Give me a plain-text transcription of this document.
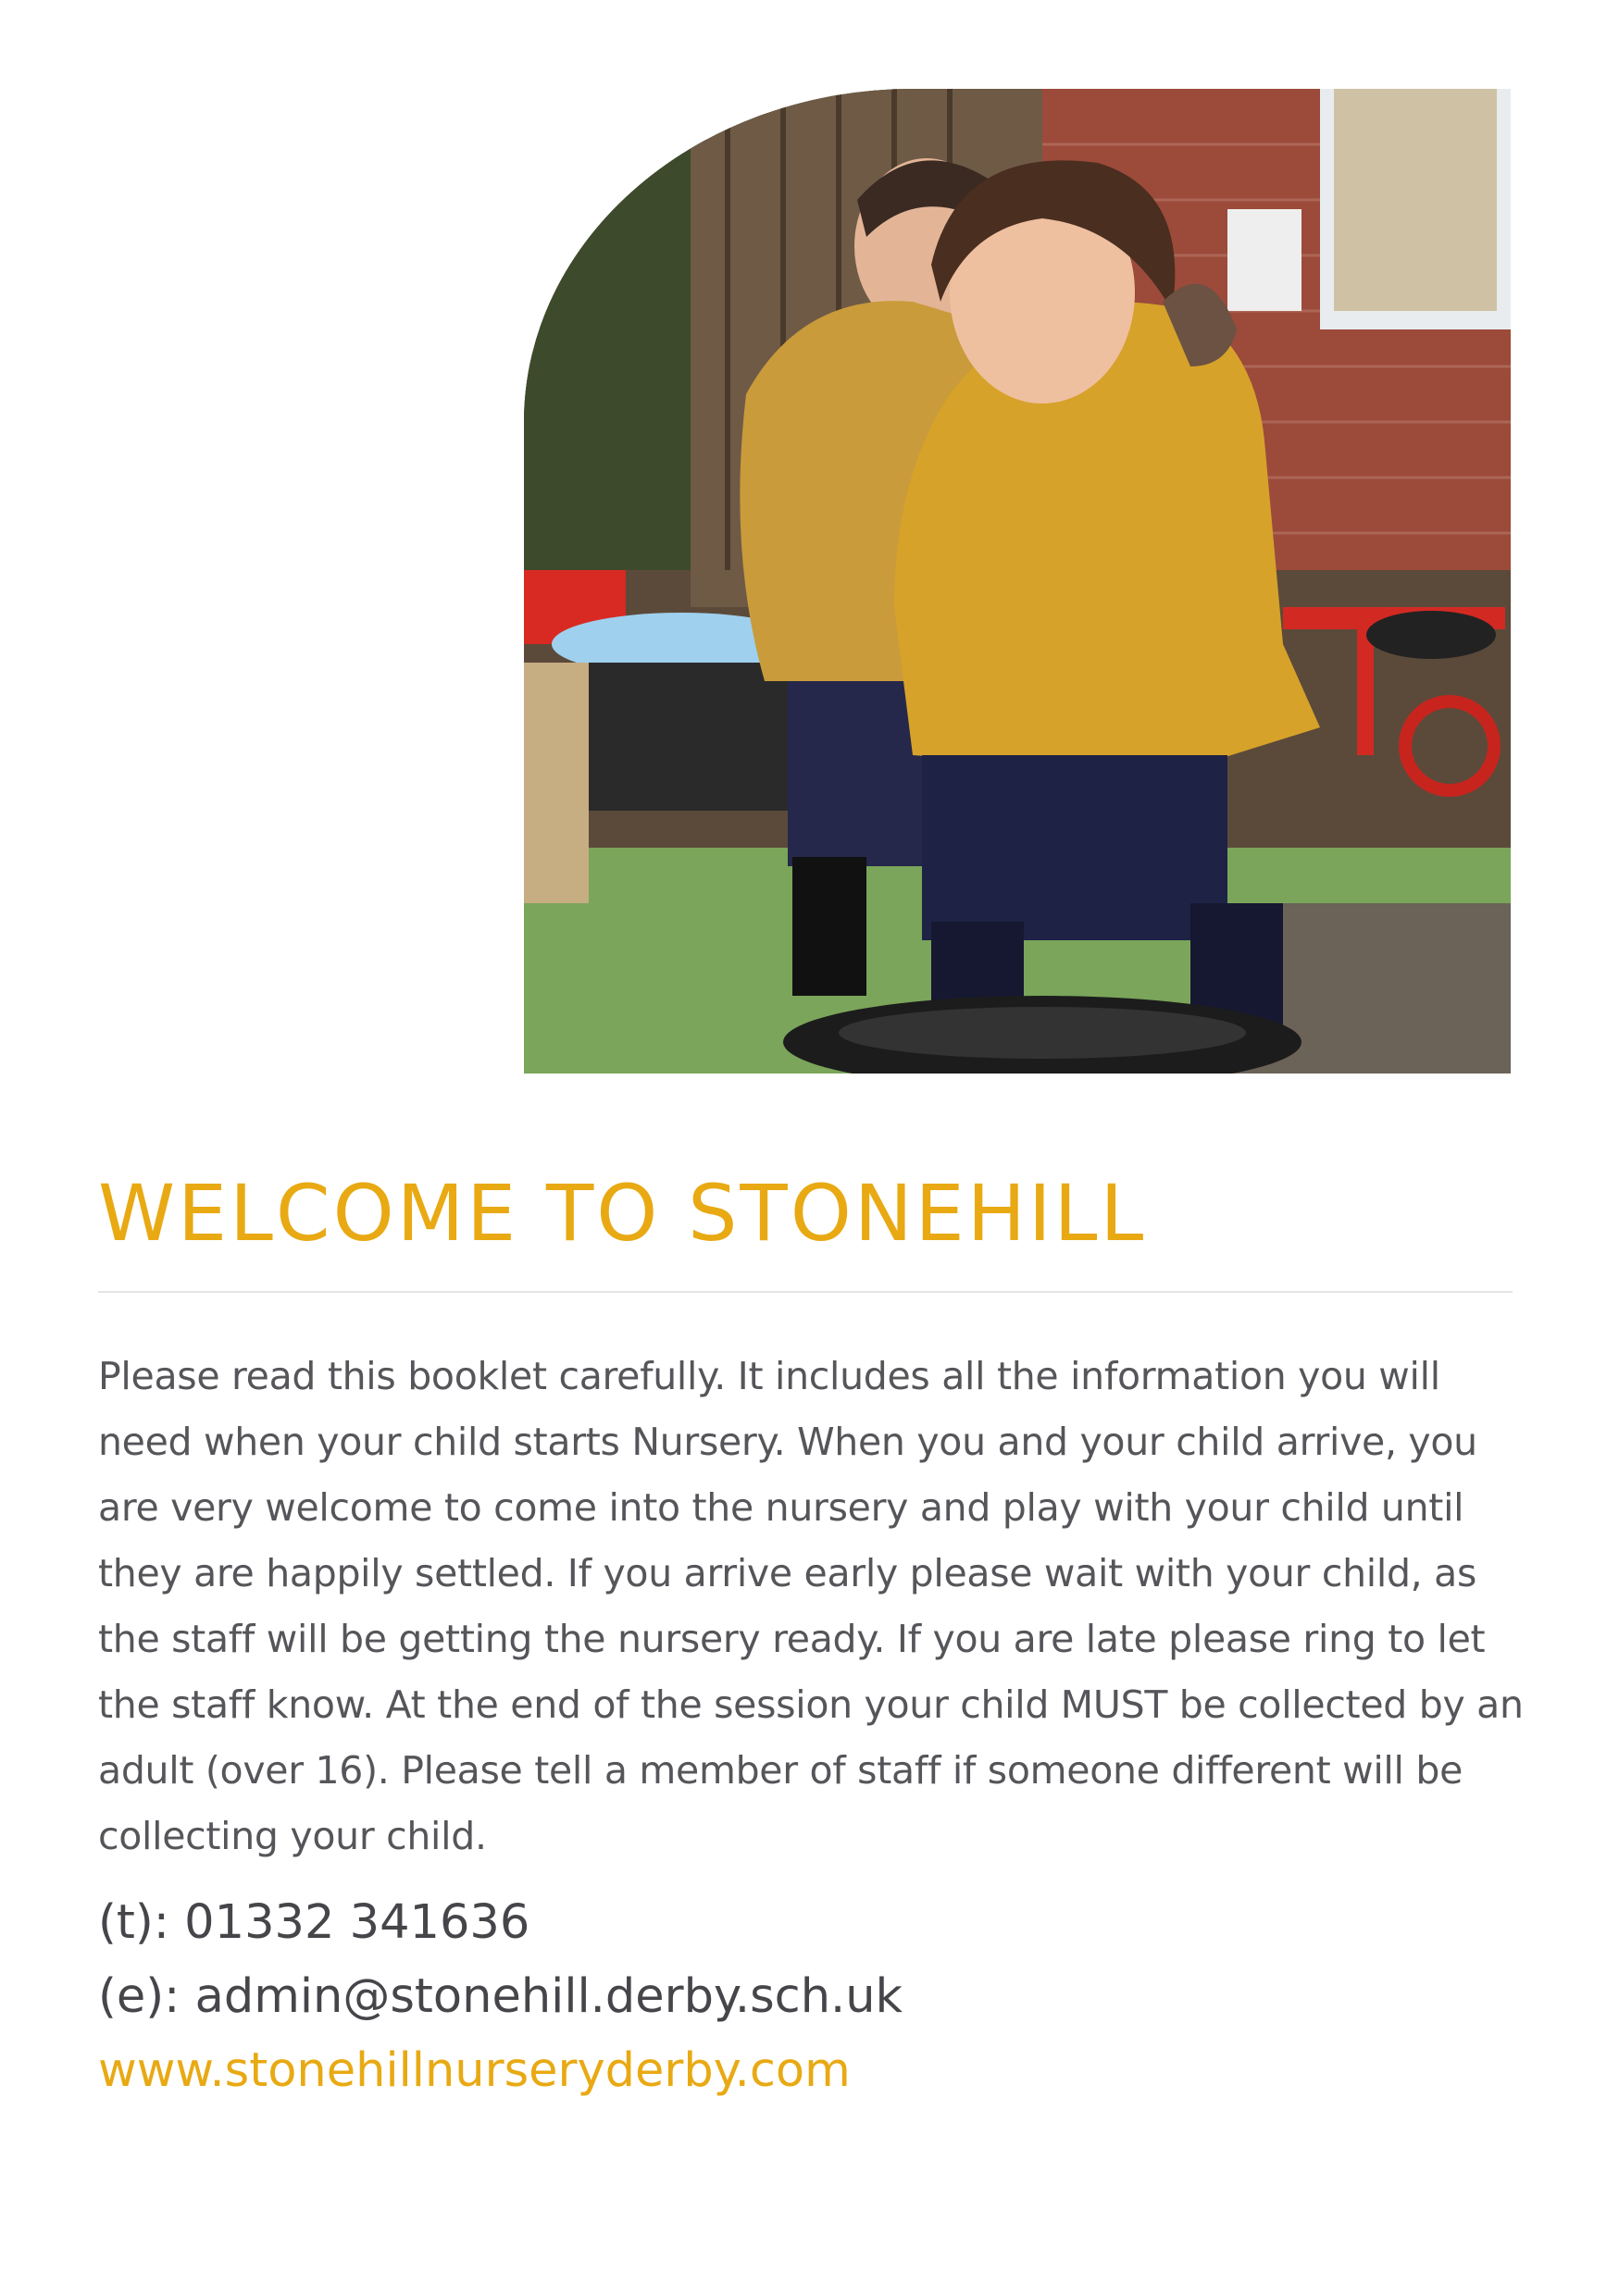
WELCOME TO STONEHILL

Please read this booklet carefully. It includes all the information you will need when your child starts Nursery. When you and your child arrive, you are very welcome to come into the nursery and play with your child until they are happily settled. If you arrive early please wait with your child, as the staff will be getting the nursery ready. If you are late please ring to let the staff know. At the end of the session your child MUST be collected by an adult (over 16). Please tell a member of staff if someone different will be collecting your child.

(t): 01332 341636
(e): admin@stonehill.derby.sch.uk
www.stonehillnurseryderby.com
